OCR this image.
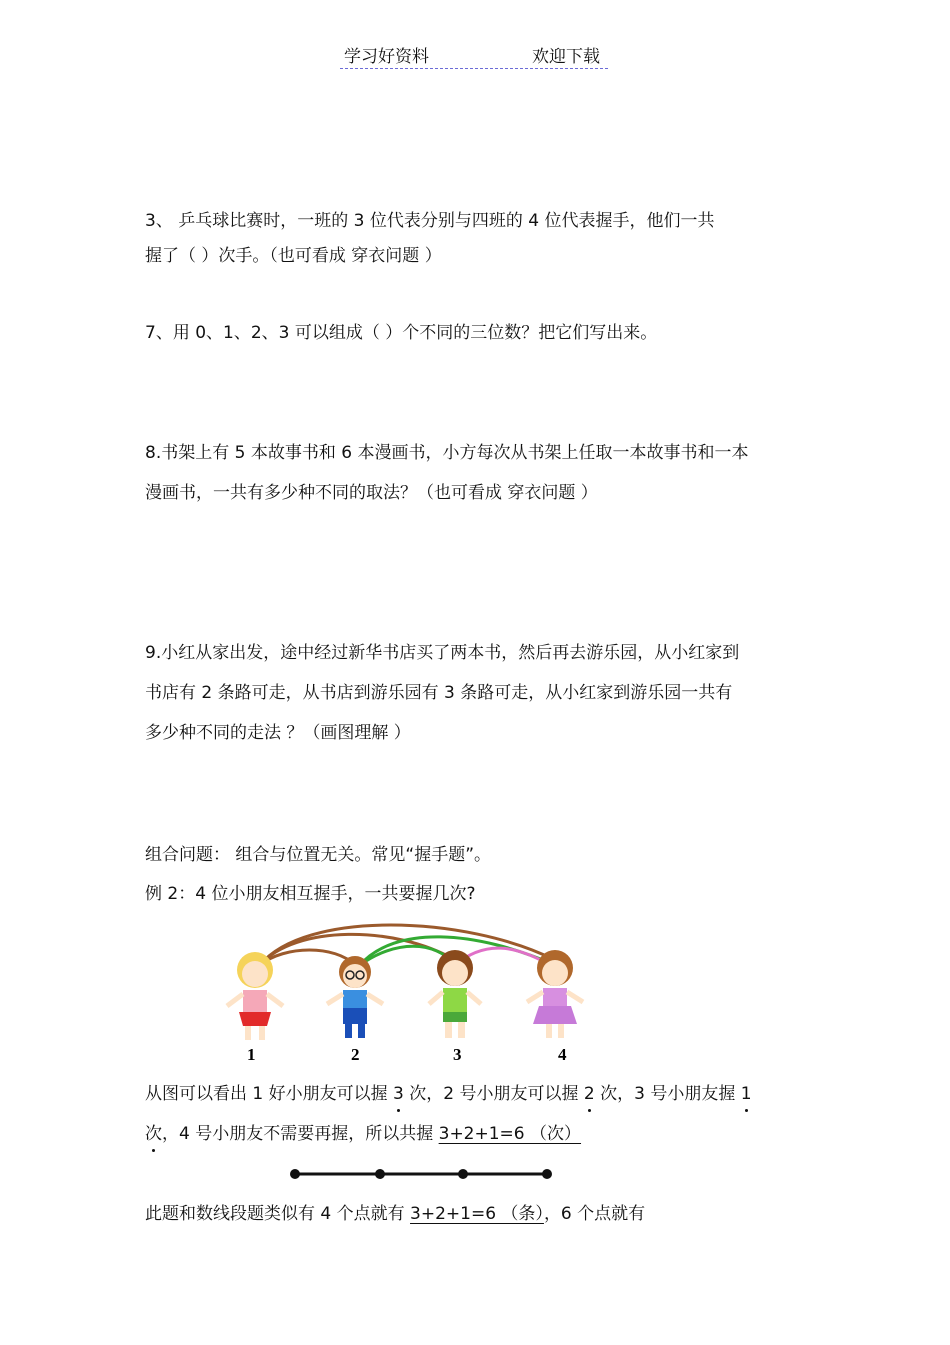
学习好资料	欢迎下载
3、 乒乓球比赛时，一班的 3 位代表分别与四班的 4 位代表握手，他们一共
握了（ ）次手。（也可看成 穿衣问题 ）
7、用 0、1、2、3 可以组成（ ）个不同的三位数？把它们写出来。
8.书架上有 5 本故事书和 6 本漫画书，小方每次从书架上任取一本故事书和一本
漫画书，一共有多少种不同的取法？（也可看成 穿衣问题 ）
9.小红从家出发，途中经过新华书店买了两本书，然后再去游乐园，从小红家到
书店有 2 条路可走，从书店到游乐园有 3 条路可走，从小红家到游乐园一共有
多少种不同的走法 ？（画图理解 ）
组合问题： 组合与位置无关。常见“握手题”。
例 2：4 位小朋友相互握手，一共要握几次?
1	2	3	4
从图可以看出 1 好小朋友可以握 3 次，2 号小朋友可以握 2 次，3 号小朋友握 1
次，4 号小朋友不需要再握，所以共握 3+2+1=6 （次）
此题和数线段题类似有 4 个点就有 3+2+1=6 （条），6 个点就有
